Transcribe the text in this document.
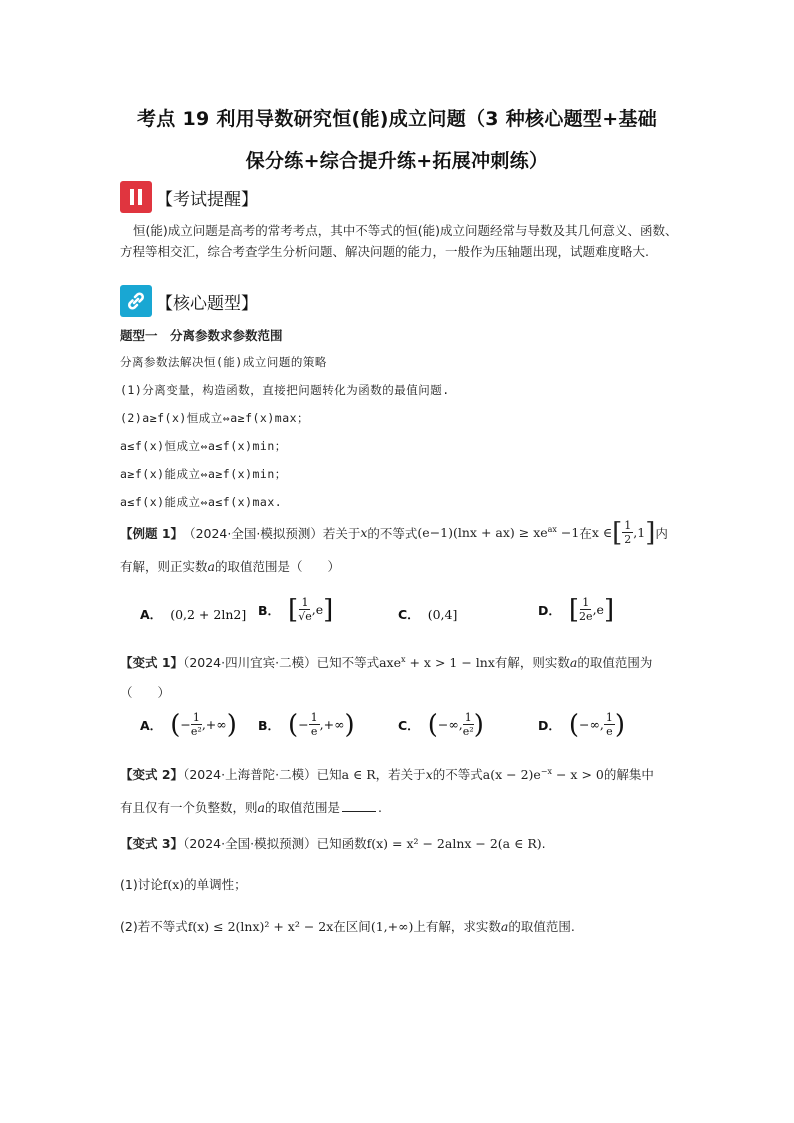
考点 19 利用导数研究恒(能)成立问题（3 种核心题型+基础
保分练+综合提升练+拓展冲刺练）
【考试提醒】
恒(能)成立问题是高考的常考考点，其中不等式的恒(能)成立问题经常与导数及其几何意义、函数、方程等相交汇，综合考查学生分析问题、解决问题的能力，一般作为压轴题出现，试题难度略大.
【核心题型】
题型一　分离参数求参数范围
分离参数法解决恒(能)成立问题的策略
(1)分离变量，构造函数，直接把问题转化为函数的最值问题.
(2)a≥f(x)恒成立⇔a≥f(x)max；
a≤f(x)恒成立⇔a≤f(x)min；
a≥f(x)能成立⇔a≥f(x)min；
a≤f(x)能成立⇔a≤f(x)max.
【例题 1】 （2024·全国·模拟预测） 若关于 x 的不等式 $(e-1)(\ln x + ax) \ge xe^{ax} -1$ 在 x ∈ [ $\frac{1}{2} ,1$ ] 内
有解，则正实数a的取值范围是（　　）
A． (0,2 + 2ln2] B． [ $\frac{1}{√e} ,e$ ]	C． (0,4]	D． [ $\frac{1}{2e} ,e$ ]
【变式 1】（2024·四川宜宾·二模）已知不等式axe$^x$ + x > 1 − lnx有解，则实数a的取值范围为
（　　）
A． ( − $\frac{1}{\text{e²}}$ ,+∞ ) B． ( − $\frac{1}{e}$ ,+∞ )	C． ( −∞, $\frac{1}{\text{e²}}$ )	D． ( −∞, $\frac{1}{e}$ )
【变式 2】（2024·上海普陀·二模）已知a ∈ R，若关于x的不等式$a(x - 2)e^{-x} - x > 0$的解集中
有且仅有一个负整数，则a的取值范围是	.
【变式 3】（2024·全国·模拟预测）已知函数f(x) = x² − 2alnx − 2(a ∈ R).
(1)讨论f(x)的单调性；
(2)若不等式f(x) ≤ 2(lnx)² + x² − 2x在区间(1,+∞)上有解，求实数a的取值范围.
